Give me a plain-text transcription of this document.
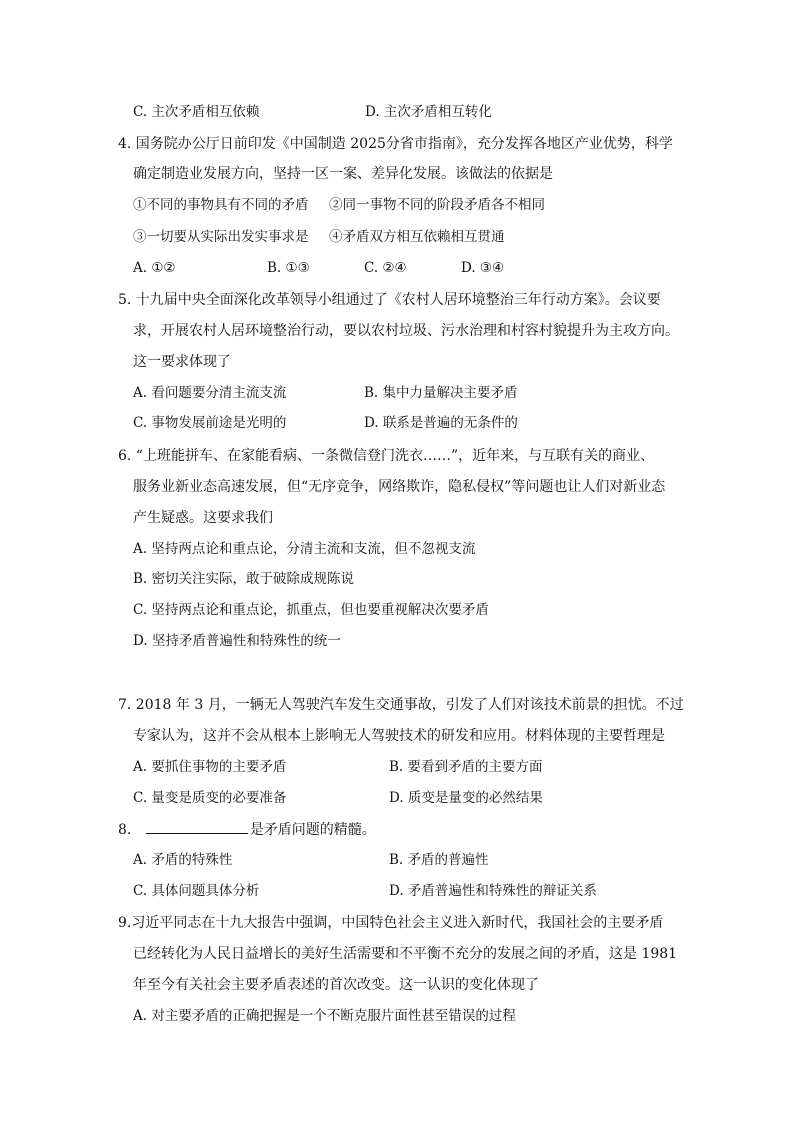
C. 主次矛盾相互依赖	D. 主次矛盾相互转化
4. 国务院办公厅日前印发《中国制造 2025分省市指南》，充分发挥各地区产业优势，科学
确定制造业发展方向，坚持一区一案、差异化发展。该做法的依据是
①不同的事物具有不同的矛盾 ②同一事物不同的阶段矛盾各不相同
③一切要从实际出发实事求是 ④矛盾双方相互依赖相互贯通
A. ①②	B. ①③	C. ②④	D. ③④
5. 十九届中央全面深化改革领导小组通过了《农村人居环境整治三年行动方案》。会议要
求，开展农村人居环境整治行动，要以农村垃圾、污水治理和村容村貌提升为主攻方向。
这一要求体现了
A. 看问题要分清主流支流	B. 集中力量解决主要矛盾
C. 事物发展前途是光明的	D. 联系是普遍的无条件的
6. “上班能拼车、在家能看病、一条微信登门洗衣……”，近年来，与互联有关的商业、
服务业新业态高速发展，但“无序竞争，网络欺诈，隐私侵权”等问题也让人们对新业态
产生疑惑。这要求我们
A. 坚持两点论和重点论，分清主流和支流，但不忽视支流
B. 密切关注实际，敢于破除成规陈说
C. 坚持两点论和重点论，抓重点，但也要重视解决次要矛盾
D. 坚持矛盾普遍性和特殊性的统一
7. 2018 年 3 月，一辆无人驾驶汽车发生交通事故，引发了人们对该技术前景的担忧。不过
专家认为，这并不会从根本上影响无人驾驶技术的研发和应用。材料体现的主要哲理是
A. 要抓住事物的主要矛盾	B. 要看到矛盾的主要方面
C. 量变是质变的必要准备	D. 质变是量变的必然结果
8.	是矛盾问题的精髓。
A. 矛盾的特殊性	B. 矛盾的普遍性
C. 具体问题具体分析	D. 矛盾普遍性和特殊性的辩证关系
9.习近平同志在十九大报告中强调，中国特色社会主义进入新时代，我国社会的主要矛盾
已经转化为人民日益增长的美好生活需要和不平衡不充分的发展之间的矛盾，这是 1981
年至今有关社会主要矛盾表述的首次改变。这一认识的变化体现了
A. 对主要矛盾的正确把握是一个不断克服片面性甚至错误的过程
